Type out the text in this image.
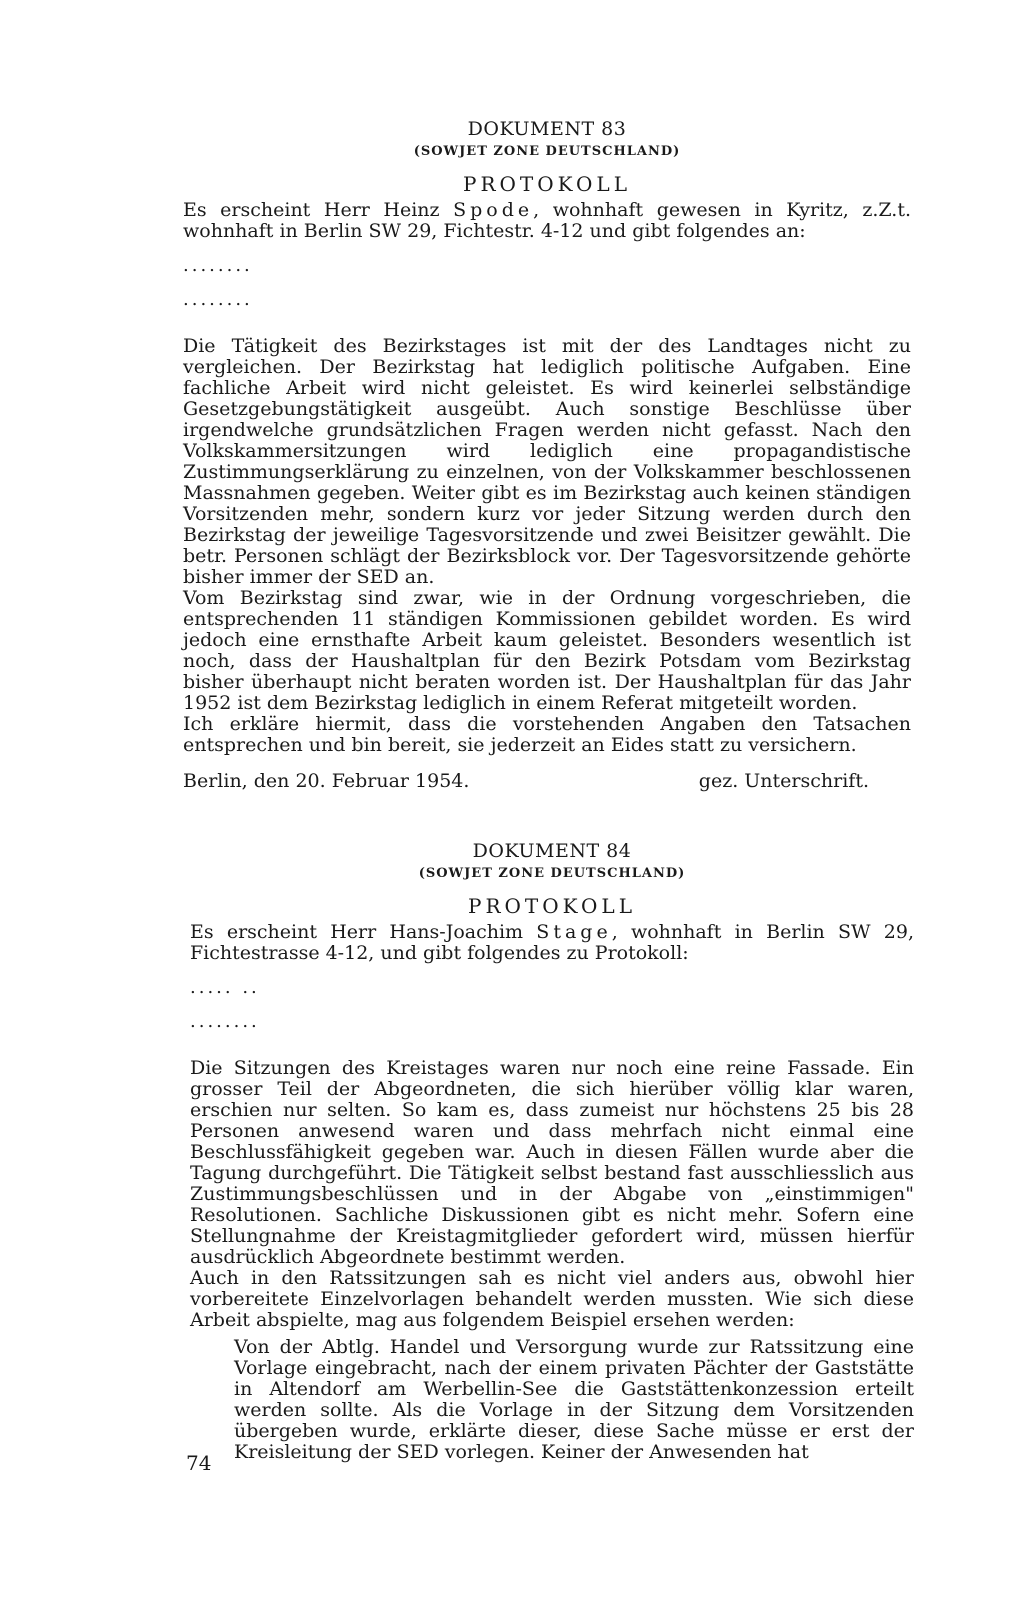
DOKUMENT 83
(SOWJET ZONE DEUTSCHLAND)
PROTOKOLL

Es erscheint Herr Heinz Spode, wohnhaft gewesen in Kyritz, z.Z.t. wohnhaft in Berlin SW 29, Fichtestr. 4-12 und gibt folgendes an:

........
........

Die Tätigkeit des Bezirkstages ist mit der des Landtages nicht zu vergleichen. Der Bezirkstag hat lediglich politische Aufgaben. Eine fachliche Arbeit wird nicht geleistet. Es wird keinerlei selbständige Gesetzgebungstätigkeit ausgeübt. Auch sonstige Beschlüsse über irgendwelche grundsätzlichen Fragen werden nicht gefasst. Nach den Volkskammersitzungen wird lediglich eine propagandistische Zustimmungserklärung zu einzelnen, von der Volkskammer beschlossenen Massnahmen gegeben. Weiter gibt es im Bezirkstag auch keinen ständigen Vorsitzenden mehr, sondern kurz vor jeder Sitzung werden durch den Bezirkstag der jeweilige Tagesvorsitzende und zwei Beisitzer gewählt. Die betr. Personen schlägt der Bezirksblock vor. Der Tagesvorsitzende gehörte bisher immer der SED an.

Vom Bezirkstag sind zwar, wie in der Ordnung vorgeschrieben, die entsprechenden 11 ständigen Kommissionen gebildet worden. Es wird jedoch eine ernsthafte Arbeit kaum geleistet. Besonders wesentlich ist noch, dass der Haushaltplan für den Bezirk Potsdam vom Bezirkstag bisher überhaupt nicht beraten worden ist. Der Haushaltplan für das Jahr 1952 ist dem Bezirkstag lediglich in einem Referat mitgeteilt worden.

Ich erkläre hiermit, dass die vorstehenden Angaben den Tatsachen entsprechen und bin bereit, sie jederzeit an Eides statt zu versichern.

Berlin, den 20. Februar 1954.	gez. Unterschrift.
DOKUMENT 84
(SOWJET ZONE DEUTSCHLAND)
PROTOKOLL

Es erscheint Herr Hans-Joachim Stage, wohnhaft in Berlin SW 29, Fichtestrasse 4-12, und gibt folgendes zu Protokoll:

..... ..
........

Die Sitzungen des Kreistages waren nur noch eine reine Fassade. Ein grosser Teil der Abgeordneten, die sich hierüber völlig klar waren, erschien nur selten. So kam es, dass zumeist nur höchstens 25 bis 28 Personen anwesend waren und dass mehrfach nicht einmal eine Beschlussfähigkeit gegeben war. Auch in diesen Fällen wurde aber die Tagung durchgeführt. Die Tätigkeit selbst bestand fast ausschliesslich aus Zustimmungsbeschlüssen und in der Abgabe von „einstimmigen" Resolutionen. Sachliche Diskussionen gibt es nicht mehr. Sofern eine Stellungnahme der Kreistagmitglieder gefordert wird, müssen hierfür ausdrücklich Abgeordnete bestimmt werden.

Auch in den Ratssitzungen sah es nicht viel anders aus, obwohl hier vorbereitete Einzelvorlagen behandelt werden mussten. Wie sich diese Arbeit abspielte, mag aus folgendem Beispiel ersehen werden:

Von der Abtlg. Handel und Versorgung wurde zur Ratssitzung eine Vorlage eingebracht, nach der einem privaten Pächter der Gaststätte in Altendorf am Werbellin-See die Gaststättenkonzession erteilt werden sollte. Als die Vorlage in der Sitzung dem Vorsitzenden übergeben wurde, erklärte dieser, diese Sache müsse er erst der Kreisleitung der SED vorlegen. Keiner der Anwesenden hat

74
